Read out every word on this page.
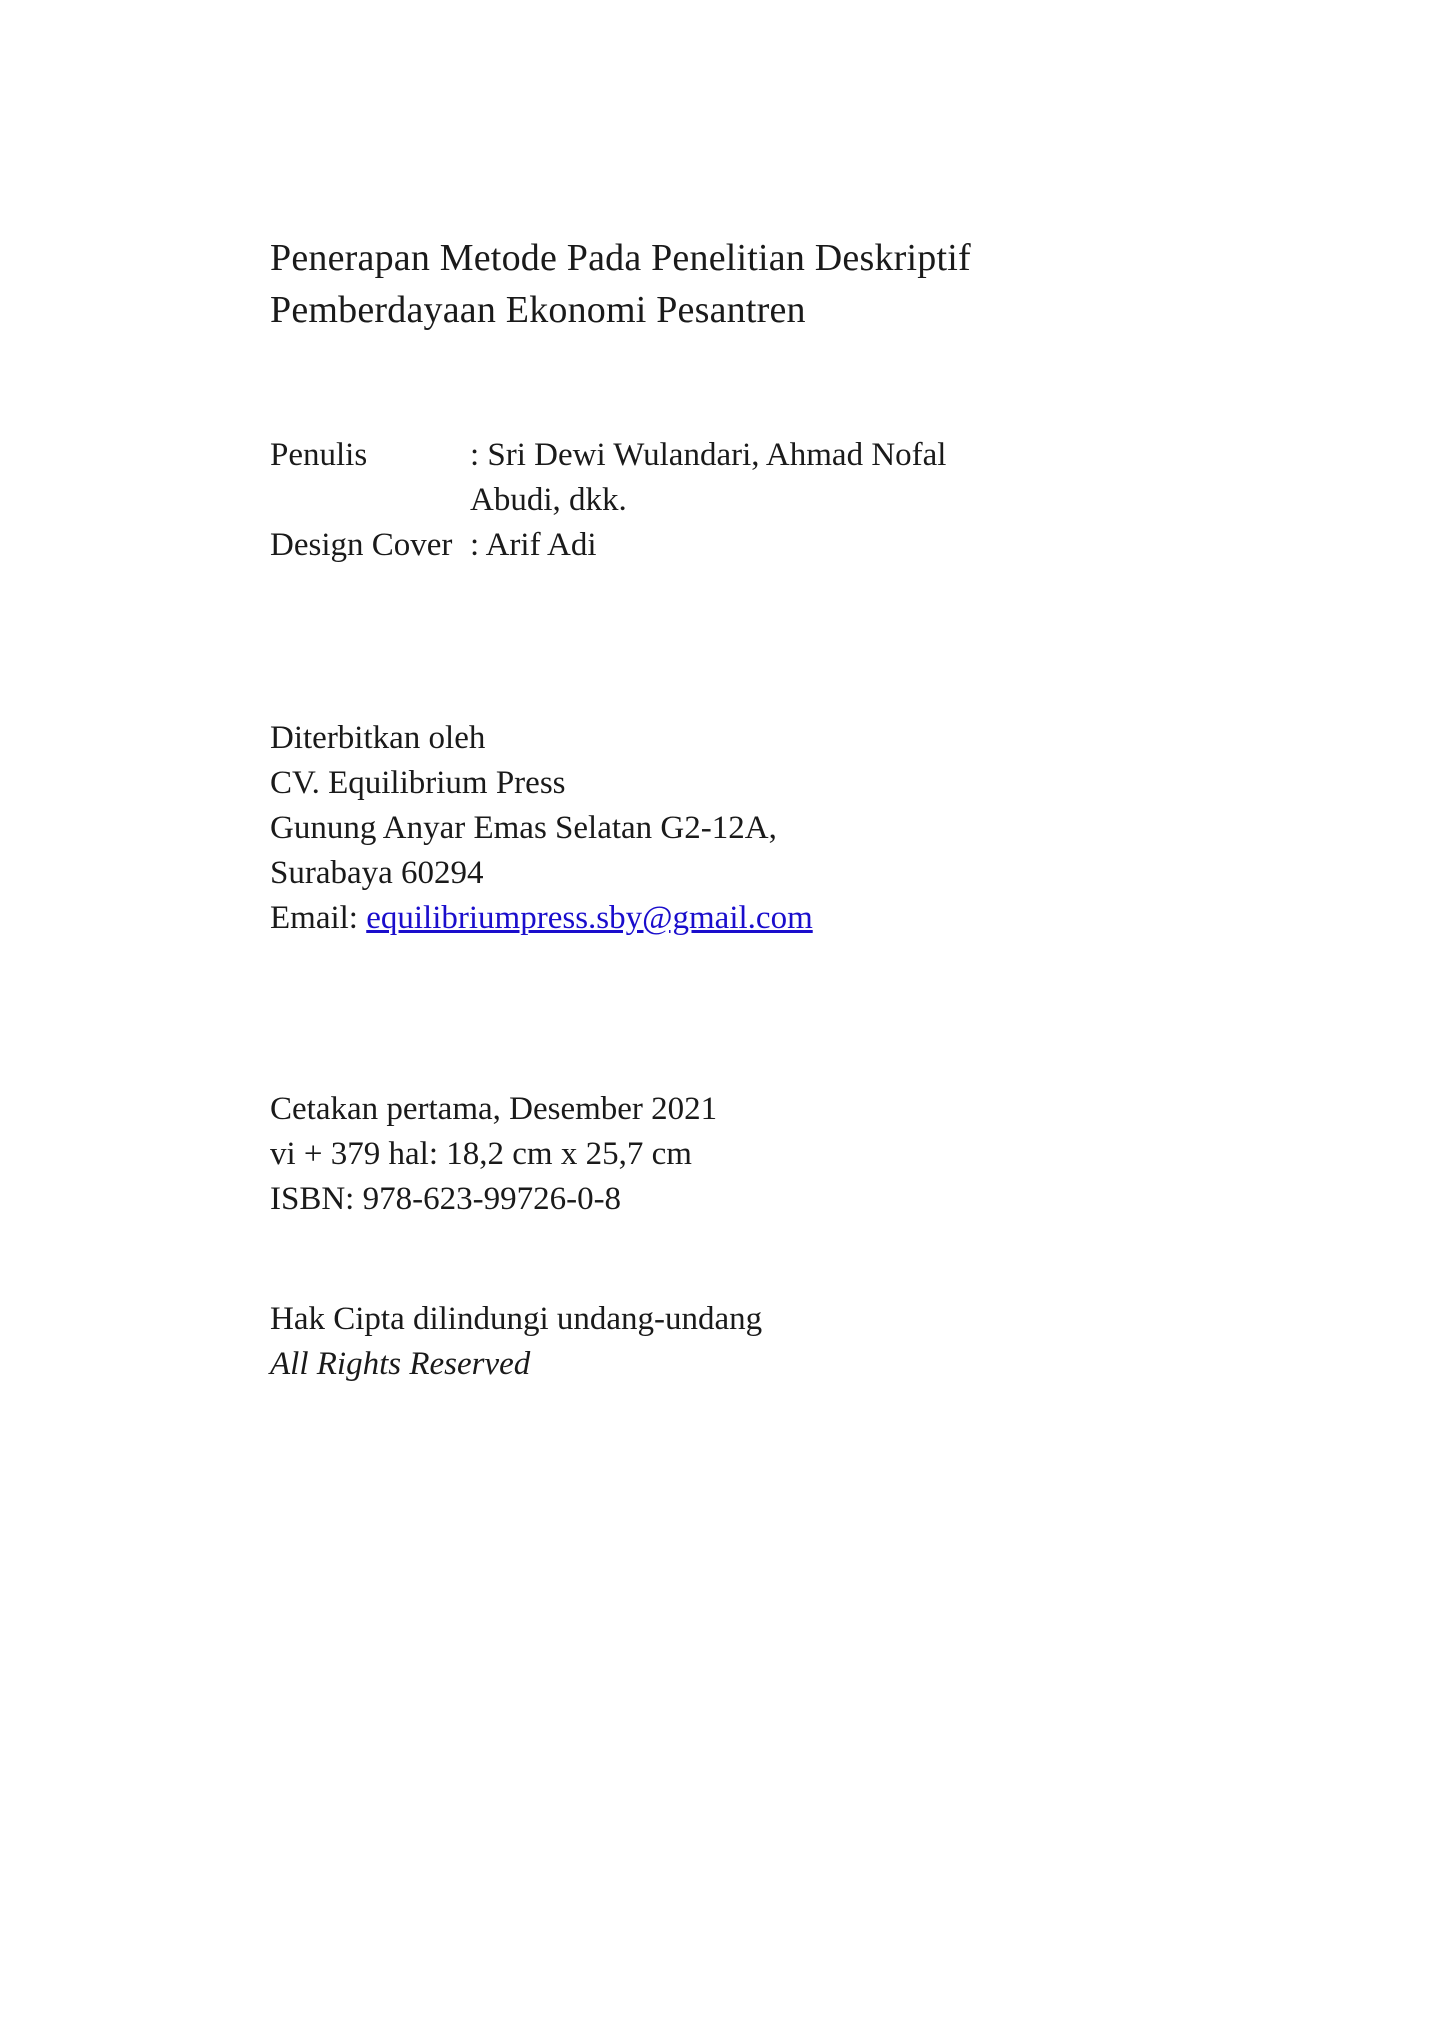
Penerapan Metode Pada Penelitian Deskriptif
Pemberdayaan Ekonomi Pesantren
Penulis	: Sri Dewi Wulandari, Ahmad Nofal
Abudi, dkk.
Design Cover : Arif Adi
Diterbitkan oleh
CV. Equilibrium Press
Gunung Anyar Emas Selatan G2-12A,
Surabaya 60294
Email: equilibriumpress.sby@gmail.com
Cetakan pertama, Desember 2021
vi + 379 hal: 18,2 cm x 25,7 cm
ISBN: 978-623-99726-0-8
Hak Cipta dilindungi undang-undang
All Rights Reserved
